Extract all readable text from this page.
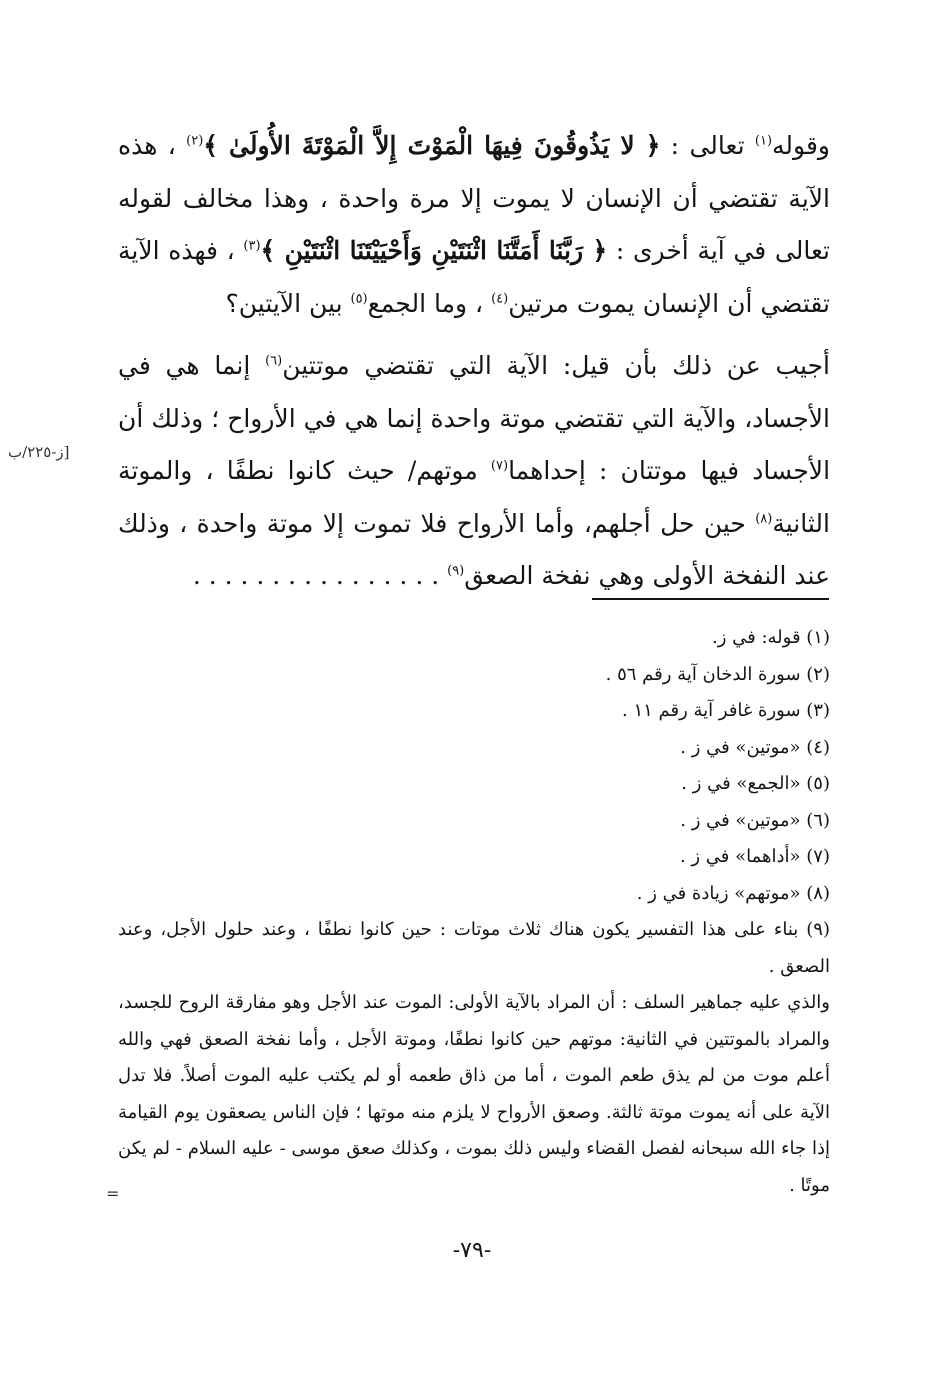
وقوله$^{(١)}$ تعالى : ﴿ لا يَذُوقُونَ فِيهَا الْمَوْتَ إِلاَّ الْمَوْتَةَ الأُولَىٰ ﴾$^{(٢)}$ ، هذه الآية تقتضي أن الإنسان لا يموت إلا مرة واحدة ، وهذا مخالف لقوله تعالى في آية أخرى : ﴿ رَبَّنَا أَمَتَّنَا اثْنَتَيْنِ وَأَحْيَيْتَنَا اثْنَتَيْنِ ﴾$^{(٣)}$ ، فهذه الآية تقتضي أن الإنسان يموت مرتين$^{(٤)}$ ، وما الجمع$^{(٥)}$ بين الآيتين؟

أجيب عن ذلك بأن قيل: الآية التي تقتضي موتتين$^{(٦)}$ إنما هي في الأجساد، والآية التي تقتضي موتة واحدة إنما هي في الأرواح ؛ وذلك أن الأجساد فيها موتتان : إحداهما$^{(٧)}$ موتهم/ حيث كانوا نطفًا ، والموتة الثانية$^{(٨)}$ حين حل أجلهم، وأما الأرواح فلا تموت إلا موتة واحدة ، وذلك عند النفخة الأولى وهي نفخة الصعق$^{(٩)}$ . . . . . . . . . . . . . . . .

[ز-٢٢٥/ب

(١) قوله: في ز.

(٢) سورة الدخان آية رقم ٥٦ .

(٣) سورة غافر آية رقم ١١ .

(٤) «موتين» في ز .

(٥) «الجمع» في ز .

(٦) «موتين» في ز .

(٧) «أداهما» في ز .

(٨) «موتهم» زيادة في ز .

(٩) بناء على هذا التفسير يكون هناك ثلاث موتات : حين كانوا نطفًا ، وعند حلول الأجل، وعند الصعق .

والذي عليه جماهير السلف : أن المراد بالآية الأولى: الموت عند الأجل وهو مفارقة الروح للجسد، والمراد بالموتتين في الثانية: موتهم حين كانوا نطفًا، وموتة الأجل ، وأما نفخة الصعق فهي والله أعلم موت من لم يذق طعم الموت ، أما من ذاق طعمه أو لم يكتب عليه الموت أصلاً. فلا تدل الآية على أنه يموت موتة ثالثة. وصعق الأرواح لا يلزم منه موتها ؛ فإن الناس يصعقون يوم القيامة إذا جاء الله سبحانه لفصل القضاء وليس ذلك بموت ، وكذلك صعق موسى - عليه السلام - لم يكن موتًا .

=
-٧٩-
